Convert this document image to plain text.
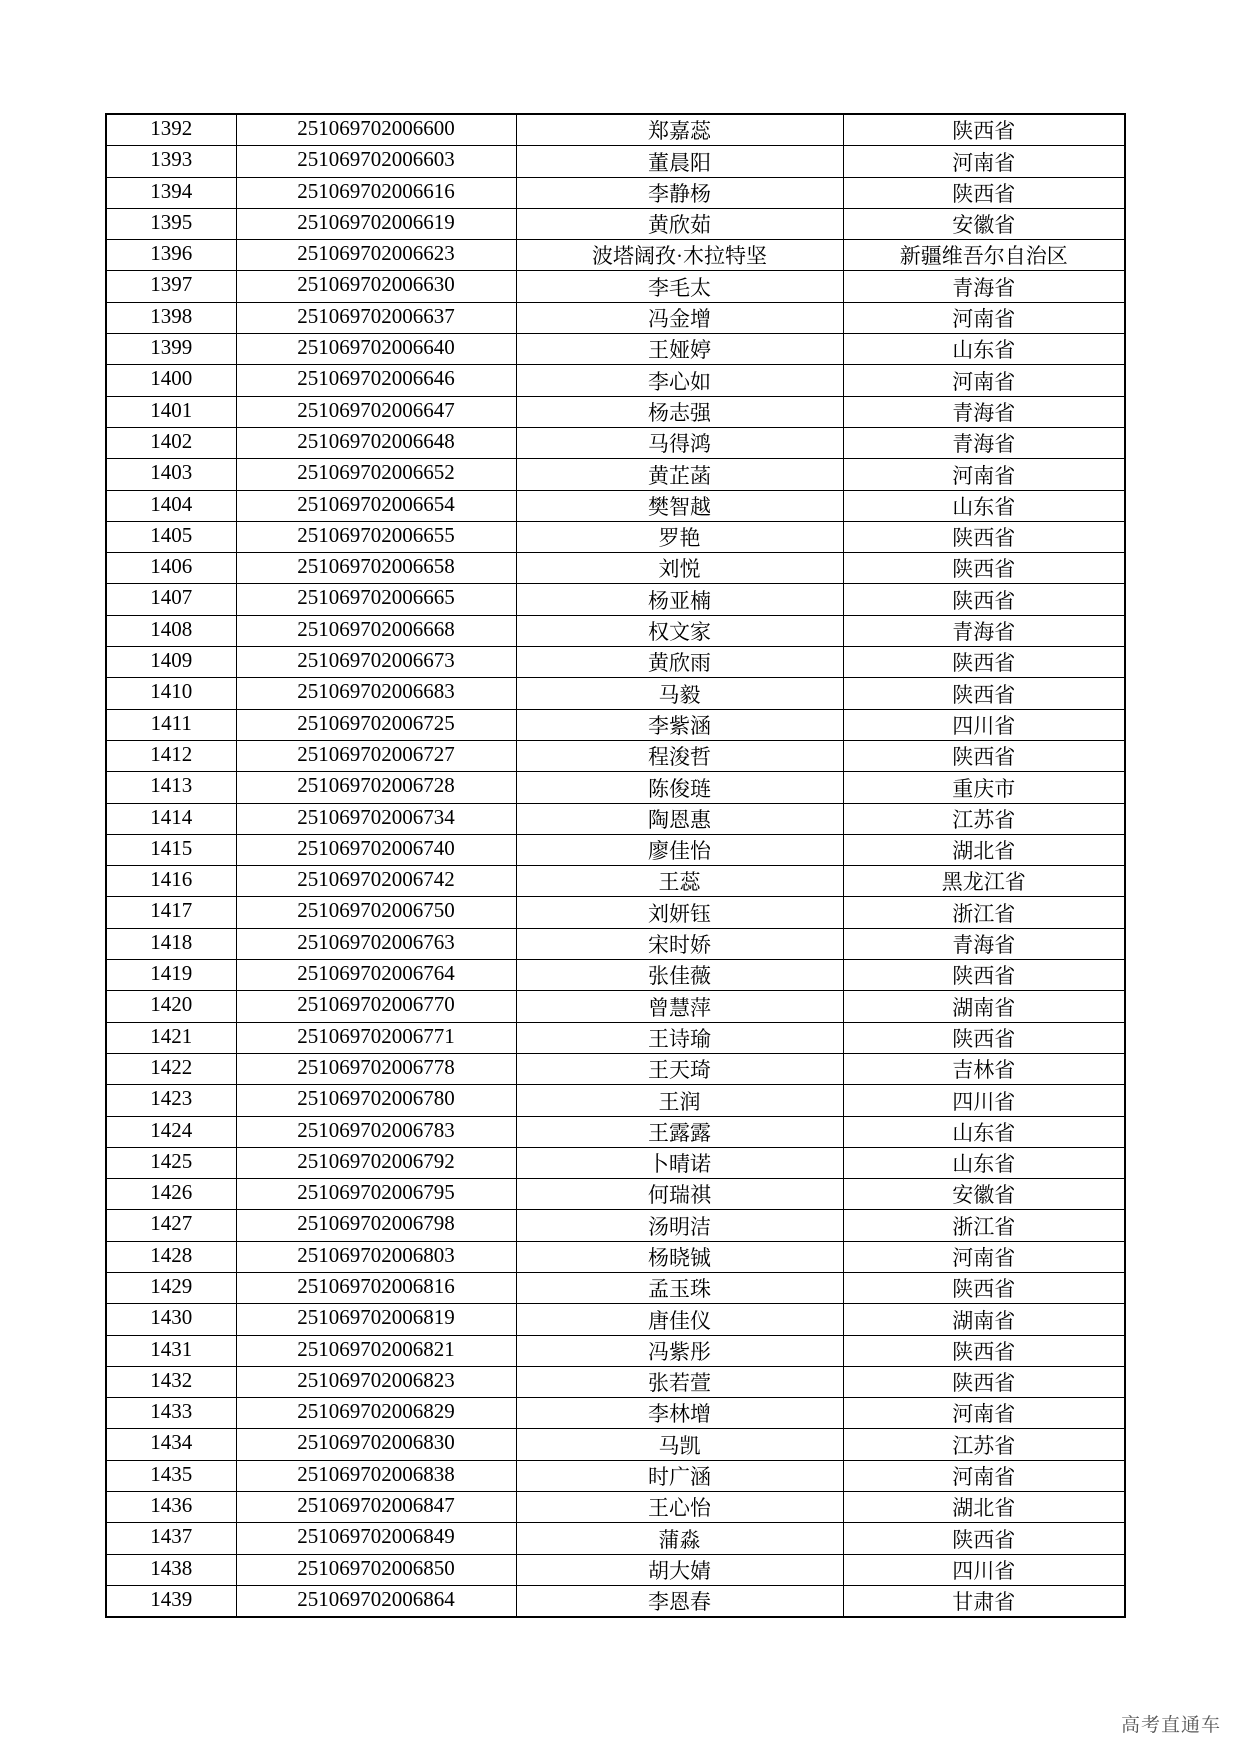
1392	251069702006600	郑嘉蕊	陕西省
1393	251069702006603	董晨阳	河南省
1394	251069702006616	李静杨	陕西省
1395	251069702006619	黄欣茹	安徽省
1396	251069702006623	波塔阔孜·木拉特坚	新疆维吾尔自治区
1397	251069702006630	李毛太	青海省
1398	251069702006637	冯金增	河南省
1399	251069702006640	王娅婷	山东省
1400	251069702006646	李心如	河南省
1401	251069702006647	杨志强	青海省
1402	251069702006648	马得鸿	青海省
1403	251069702006652	黄芷菡	河南省
1404	251069702006654	樊智越	山东省
1405	251069702006655	罗艳	陕西省
1406	251069702006658	刘悦	陕西省
1407	251069702006665	杨亚楠	陕西省
1408	251069702006668	权文家	青海省
1409	251069702006673	黄欣雨	陕西省
1410	251069702006683	马毅	陕西省
1411	251069702006725	李紫涵	四川省
1412	251069702006727	程浚哲	陕西省
1413	251069702006728	陈俊琏	重庆市
1414	251069702006734	陶恩惠	江苏省
1415	251069702006740	廖佳怡	湖北省
1416	251069702006742	王蕊	黑龙江省
1417	251069702006750	刘妍钰	浙江省
1418	251069702006763	宋时娇	青海省
1419	251069702006764	张佳薇	陕西省
1420	251069702006770	曾慧萍	湖南省
1421	251069702006771	王诗瑜	陕西省
1422	251069702006778	王天琦	吉林省
1423	251069702006780	王润	四川省
1424	251069702006783	王露露	山东省
1425	251069702006792	卜晴诺	山东省
1426	251069702006795	何瑞祺	安徽省
1427	251069702006798	汤明洁	浙江省
1428	251069702006803	杨晓铖	河南省
1429	251069702006816	孟玉珠	陕西省
1430	251069702006819	唐佳仪	湖南省
1431	251069702006821	冯紫彤	陕西省
1432	251069702006823	张若萱	陕西省
1433	251069702006829	李林增	河南省
1434	251069702006830	马凯	江苏省
1435	251069702006838	时广涵	河南省
1436	251069702006847	王心怡	湖北省
1437	251069702006849	蒲淼	陕西省
1438	251069702006850	胡大婧	四川省
1439	251069702006864	李恩春	甘肃省
高考直通车
